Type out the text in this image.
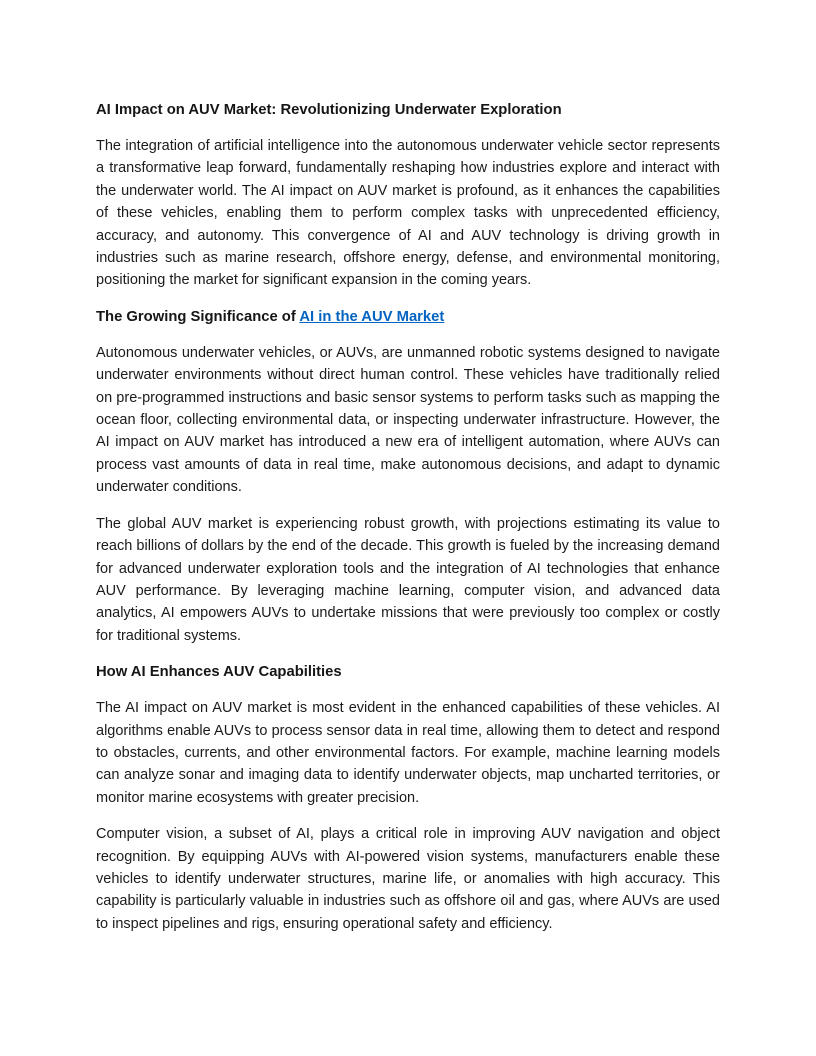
AI Impact on AUV Market: Revolutionizing Underwater Exploration

The integration of artificial intelligence into the autonomous underwater vehicle sector represents a transformative leap forward, fundamentally reshaping how industries explore and interact with the underwater world. The AI impact on AUV market is profound, as it enhances the capabilities of these vehicles, enabling them to perform complex tasks with unprecedented efficiency, accuracy, and autonomy. This convergence of AI and AUV technology is driving growth in industries such as marine research, offshore energy, defense, and environmental monitoring, positioning the market for significant expansion in the coming years.

The Growing Significance of AI in the AUV Market

Autonomous underwater vehicles, or AUVs, are unmanned robotic systems designed to navigate underwater environments without direct human control. These vehicles have traditionally relied on pre-programmed instructions and basic sensor systems to perform tasks such as mapping the ocean floor, collecting environmental data, or inspecting underwater infrastructure. However, the AI impact on AUV market has introduced a new era of intelligent automation, where AUVs can process vast amounts of data in real time, make autonomous decisions, and adapt to dynamic underwater conditions.

The global AUV market is experiencing robust growth, with projections estimating its value to reach billions of dollars by the end of the decade. This growth is fueled by the increasing demand for advanced underwater exploration tools and the integration of AI technologies that enhance AUV performance. By leveraging machine learning, computer vision, and advanced data analytics, AI empowers AUVs to undertake missions that were previously too complex or costly for traditional systems.

How AI Enhances AUV Capabilities

The AI impact on AUV market is most evident in the enhanced capabilities of these vehicles. AI algorithms enable AUVs to process sensor data in real time, allowing them to detect and respond to obstacles, currents, and other environmental factors. For example, machine learning models can analyze sonar and imaging data to identify underwater objects, map uncharted territories, or monitor marine ecosystems with greater precision.

Computer vision, a subset of AI, plays a critical role in improving AUV navigation and object recognition. By equipping AUVs with AI-powered vision systems, manufacturers enable these vehicles to identify underwater structures, marine life, or anomalies with high accuracy. This capability is particularly valuable in industries such as offshore oil and gas, where AUVs are used to inspect pipelines and rigs, ensuring operational safety and efficiency.
